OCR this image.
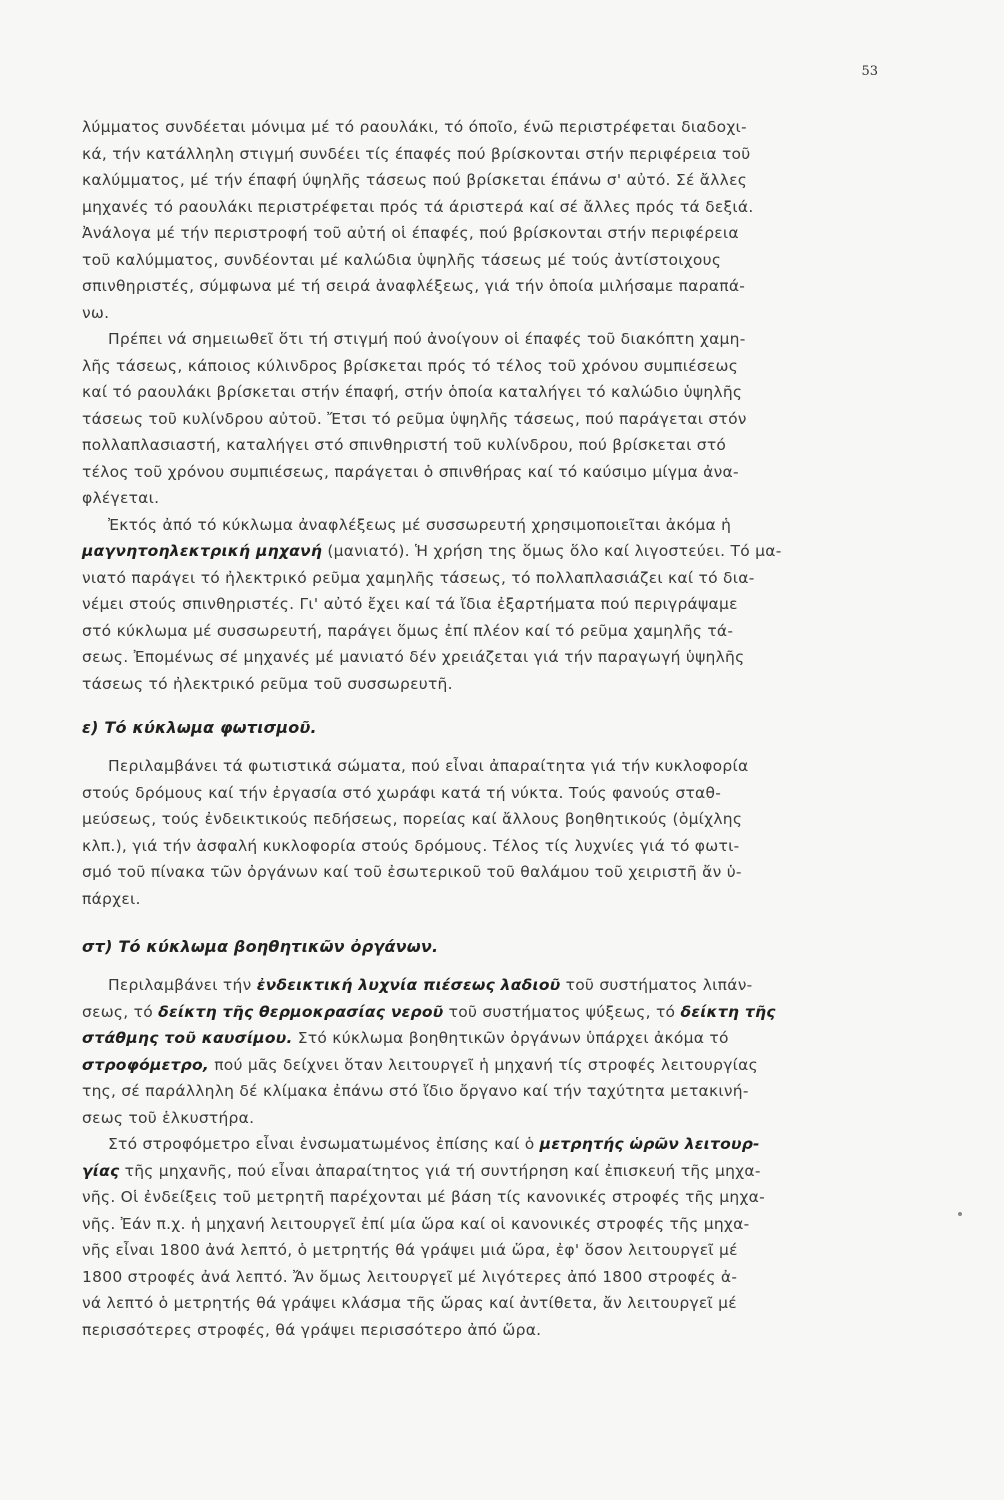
53
λύμματος συνδέεται μόνιμα μέ τό ραουλάκι, τό όποῖο, ένῶ περιστρέφεται διαδοχι-
κά, τήν κατάλληλη στιγμή συνδέει τίς έπαφές πού βρίσκονται στήν περιφέρεια τοῦ
καλύμματος, μέ τήν έπαφή ύψηλῆς τάσεως πού βρίσκεται έπάνω σ' αὐτό. Σέ ἄλλες
μηχανές τό ραουλάκι περιστρέφεται πρός τά άριστερά καί σέ ἄλλες πρός τά δεξιά.
Ἀνάλογα μέ τήν περιστροφή τοῦ αὐτή οἱ έπαφές, πού βρίσκονται στήν περιφέρεια
τοῦ καλύμματος, συνδέονται μέ καλώδια ὑψηλῆς τάσεως μέ τούς ἀντίστοιχους
σπινθηριστές, σύμφωνα μέ τή σειρά ἀναφλέξεως, γιά τήν ὁποία μιλήσαμε παραπά-
νω.
Πρέπει νά σημειωθεῖ ὅτι τή στιγμή πού ἀνοίγουν οἱ έπαφές τοῦ διακόπτη χαμη-
λῆς τάσεως, κάποιος κύλινδρος βρίσκεται πρός τό τέλος τοῦ χρόνου συμπιέσεως
καί τό ραουλάκι βρίσκεται στήν έπαφή, στήν ὁποία καταλήγει τό καλώδιο ὑψηλῆς
τάσεως τοῦ κυλίνδρου αὐτοῦ. Ἔτσι τό ρεῦμα ὑψηλῆς τάσεως, πού παράγεται στόν
πολλαπλασιαστή, καταλήγει στό σπινθηριστή τοῦ κυλίνδρου, πού βρίσκεται στό
τέλος τοῦ χρόνου συμπιέσεως, παράγεται ὁ σπινθήρας καί τό καύσιμο μίγμα ἀνα-
φλέγεται.
Ἐκτός ἀπό τό κύκλωμα ἀναφλέξεως μέ συσσωρευτή χρησιμοποιεῖται ἀκόμα ἡ
μαγνητοηλεκτρική μηχανή (μανιατό). Ἡ χρήση της ὅμως ὅλο καί λιγοστεύει. Τό μα-
νιατό παράγει τό ἠλεκτρικό ρεῦμα χαμηλῆς τάσεως, τό πολλαπλασιάζει καί τό δια-
νέμει στούς σπινθηριστές. Γι' αὐτό ἔχει καί τά ἴδια ἐξαρτήματα πού περιγράψαμε
στό κύκλωμα μέ συσσωρευτή, παράγει ὅμως ἐπί πλέον καί τό ρεῦμα χαμηλῆς τά-
σεως. Ἐπομένως σέ μηχανές μέ μανιατό δέν χρειάζεται γιά τήν παραγωγή ὑψηλῆς
τάσεως τό ἠλεκτρικό ρεῦμα τοῦ συσσωρευτῆ.
ε) Τό κύκλωμα φωτισμοῦ.
Περιλαμβάνει τά φωτιστικά σώματα, πού εἶναι ἀπαραίτητα γιά τήν κυκλοφορία
στούς δρόμους καί τήν ἐργασία στό χωράφι κατά τή νύκτα. Τούς φανούς σταθ-
μεύσεως, τούς ἐνδεικτικούς πεδήσεως, πορείας καί ἄλλους βοηθητικούς (ὁμίχλης
κλπ.), γιά τήν ἀσφαλή κυκλοφορία στούς δρόμους. Τέλος τίς λυχνίες γιά τό φωτι-
σμό τοῦ πίνακα τῶν ὀργάνων καί τοῦ ἐσωτερικοῦ τοῦ θαλάμου τοῦ χειριστῆ ἄν ὑ-
πάρχει.
στ) Τό κύκλωμα βοηθητικῶν ὀργάνων.
Περιλαμβάνει τήν ἐνδεικτική λυχνία πιέσεως λαδιοῦ τοῦ συστήματος λιπάν-
σεως, τό δείκτη τῆς θερμοκρασίας νεροῦ τοῦ συστήματος ψύξεως, τό δείκτη τῆς
στάθμης τοῦ καυσίμου. Στό κύκλωμα βοηθητικῶν ὀργάνων ὑπάρχει ἀκόμα τό
στροφόμετρο, πού μᾶς δείχνει ὅταν λειτουργεῖ ἡ μηχανή τίς στροφές λειτουργίας
της, σέ παράλληλη δέ κλίμακα ἐπάνω στό ἴδιο ὄργανο καί τήν ταχύτητα μετακινή-
σεως τοῦ ἑλκυστήρα.
Στό στροφόμετρο εἶναι ἐνσωματωμένος ἐπίσης καί ὁ μετρητής ὡρῶν λειτουρ-
γίας τῆς μηχανῆς, πού εἶναι ἀπαραίτητος γιά τή συντήρηση καί ἐπισκευή τῆς μηχα-
νῆς. Οἱ ἐνδείξεις τοῦ μετρητῆ παρέχονται μέ βάση τίς κανονικές στροφές τῆς μηχα-
νῆς. Ἐάν π.χ. ἡ μηχανή λειτουργεῖ ἐπί μία ὥρα καί οἱ κανονικές στροφές τῆς μηχα-
νῆς εἶναι 1800 ἀνά λεπτό, ὁ μετρητής θά γράψει μιά ὥρα, ἐφ' ὅσον λειτουργεῖ μέ
1800 στροφές ἀνά λεπτό. Ἄν ὅμως λειτουργεῖ μέ λιγότερες ἀπό 1800 στροφές ἀ-
νά λεπτό ὁ μετρητής θά γράψει κλάσμα τῆς ὥρας καί ἀντίθετα, ἄν λειτουργεῖ μέ
περισσότερες στροφές, θά γράψει περισσότερο ἀπό ὥρα.
